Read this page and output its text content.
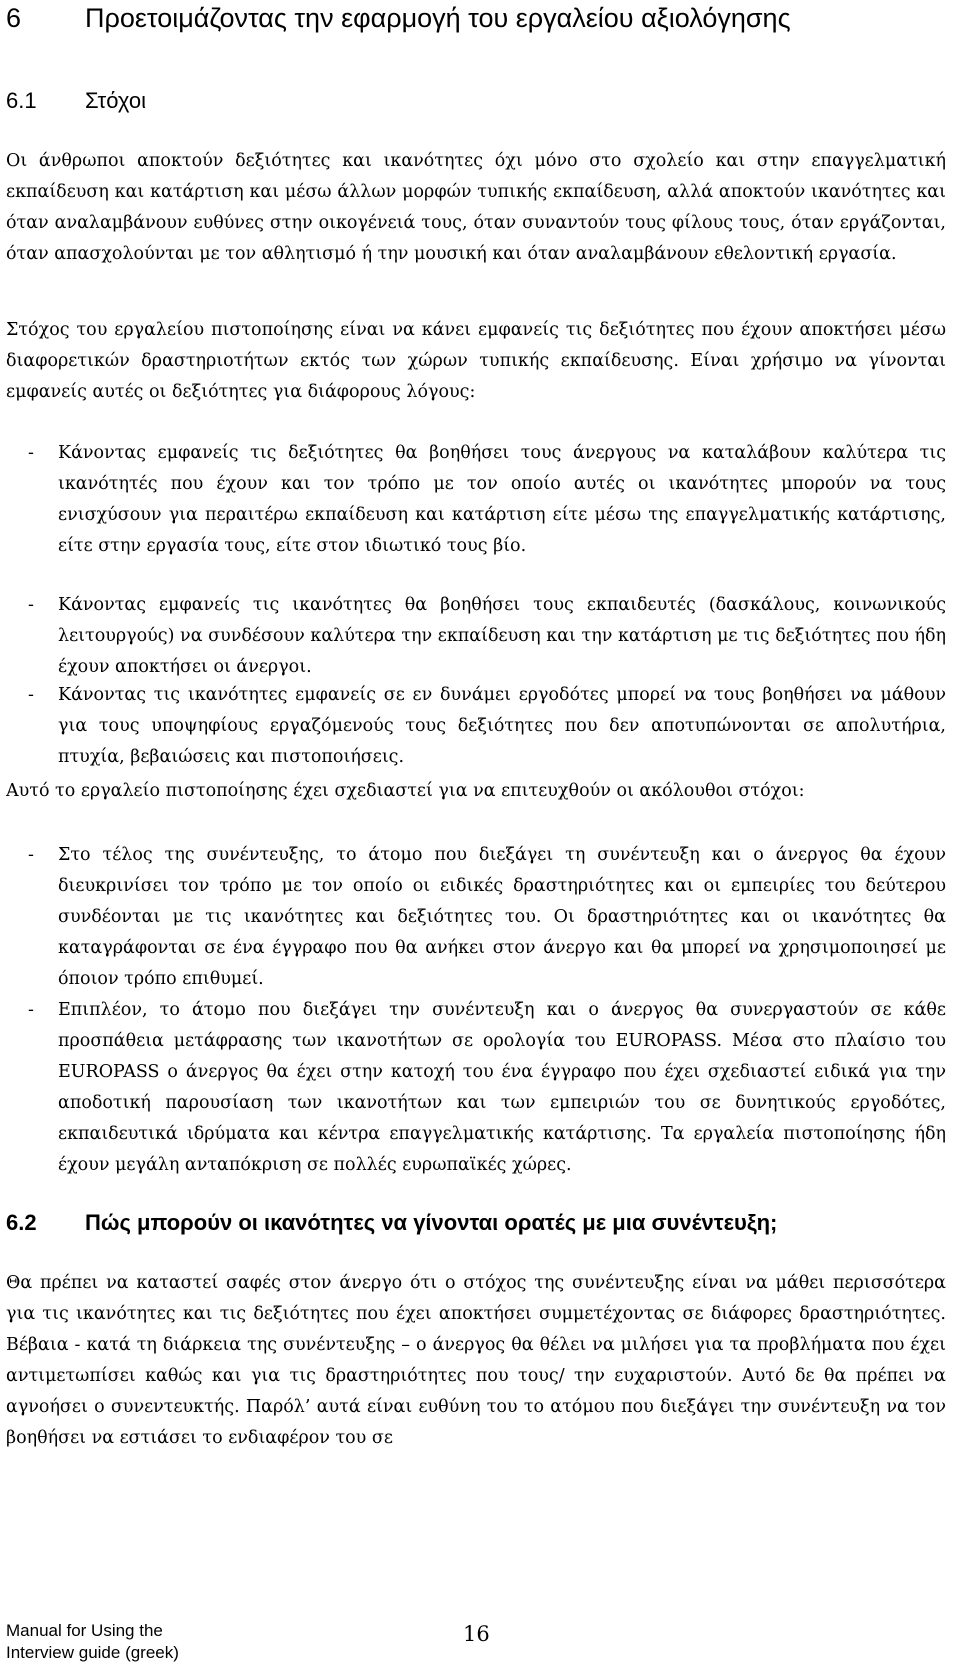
6 Προετοιμάζοντας την εφαρμογή του εργαλείου αξιολόγησης
6.1 Στόχοι

Οι άνθρωποι αποκτούν δεξιότητες και ικανότητες όχι μόνο στο σχολείο και στην επαγγελματική εκπαίδευση και κατάρτιση και μέσω άλλων μορφών τυπικής εκπαίδευση, αλλά αποκτούν ικανότητες και όταν αναλαμβάνουν ευθύνες στην οικογένειά τους, όταν συναντούν τους φίλους τους, όταν εργάζονται, όταν απασχολούνται με τον αθλητισμό ή την μουσική και όταν αναλαμβάνουν εθελοντική εργασία.

Στόχος του εργαλείου πιστοποίησης είναι να κάνει εμφανείς τις δεξιότητες που έχουν αποκτήσει μέσω διαφορετικών δραστηριοτήτων εκτός των χώρων τυπικής εκπαίδευσης. Είναι χρήσιμο να γίνονται εμφανείς αυτές οι δεξιότητες για διάφορους λόγους:

- Κάνοντας εμφανείς τις δεξιότητες θα βοηθήσει τους άνεργους να καταλάβουν καλύτερα τις ικανότητές που έχουν και τον τρόπο με τον οποίο αυτές οι ικανότητες μπορούν να τους ενισχύσουν για περαιτέρω εκπαίδευση και κατάρτιση είτε μέσω της επαγγελματικής κατάρτισης, είτε στην εργασία τους, είτε στον ιδιωτικό τους βίο.
- Κάνοντας εμφανείς τις ικανότητες θα βοηθήσει τους εκπαιδευτές (δασκάλους, κοινωνικούς λειτουργούς) να συνδέσουν καλύτερα την εκπαίδευση και την κατάρτιση με τις δεξιότητες που ήδη έχουν αποκτήσει οι άνεργοι.
- Κάνοντας τις ικανότητες εμφανείς σε εν δυνάμει εργοδότες μπορεί να τους βοηθήσει να μάθουν για τους υποψηφίους εργαζόμενούς τους δεξιότητες που δεν αποτυπώνονται σε απολυτήρια, πτυχία, βεβαιώσεις και πιστοποιήσεις.

Αυτό το εργαλείο πιστοποίησης έχει σχεδιαστεί για να επιτευχθούν οι ακόλουθοι στόχοι:

- Στο τέλος της συνέντευξης, το άτομο που διεξάγει τη συνέντευξη και ο άνεργος θα έχουν διευκρινίσει τον τρόπο με τον οποίο οι ειδικές δραστηριότητες και οι εμπειρίες του δεύτερου συνδέονται με τις ικανότητες και δεξιότητες του. Οι δραστηριότητες και οι ικανότητες θα καταγράφονται σε ένα έγγραφο που θα ανήκει στον άνεργο και θα μπορεί να χρησιμοποιησεί με όποιον τρόπο επιθυμεί.
- Επιπλέον, το άτομο που διεξάγει την συνέντευξη και ο άνεργος θα συνεργαστούν σε κάθε προσπάθεια μετάφρασης των ικανοτήτων σε ορολογία του EUROPASS. Μέσα στο πλαίσιο του EUROPASS ο άνεργος θα έχει στην κατοχή του ένα έγγραφο που έχει σχεδιαστεί ειδικά για την αποδοτική παρουσίαση των ικανοτήτων και των εμπειριών του σε δυνητικούς εργοδότες, εκπαιδευτικά ιδρύματα και κέντρα επαγγελματικής κατάρτισης. Τα εργαλεία πιστοποίησης ήδη έχουν μεγάλη ανταπόκριση σε πολλές ευρωπαϊκές χώρες.
6.2 Πώς μπορούν οι ικανότητες να γίνονται ορατές με μια συνέντευξη;

Θα πρέπει να καταστεί σαφές στον άνεργο ότι ο στόχος της συνέντευξης είναι να μάθει περισσότερα για τις ικανότητες και τις δεξιότητες που έχει αποκτήσει συμμετέχοντας σε διάφορες δραστηριότητες. Βέβαια - κατά τη διάρκεια της συνέντευξης – ο άνεργος θα θέλει να μιλήσει για τα προβλήματα που έχει αντιμετωπίσει καθώς και για τις δραστηριότητες που τους/ την ευχαριστούν. Αυτό δε θα πρέπει να αγνοήσει ο συνεντευκτής. Παρόλ’ αυτά είναι ευθύνη του το ατόμου που διεξάγει την συνέντευξη να τον βοηθήσει να εστιάσει το ενδιαφέρον του σε

Manual for Using the
Interview guide (greek)
16
